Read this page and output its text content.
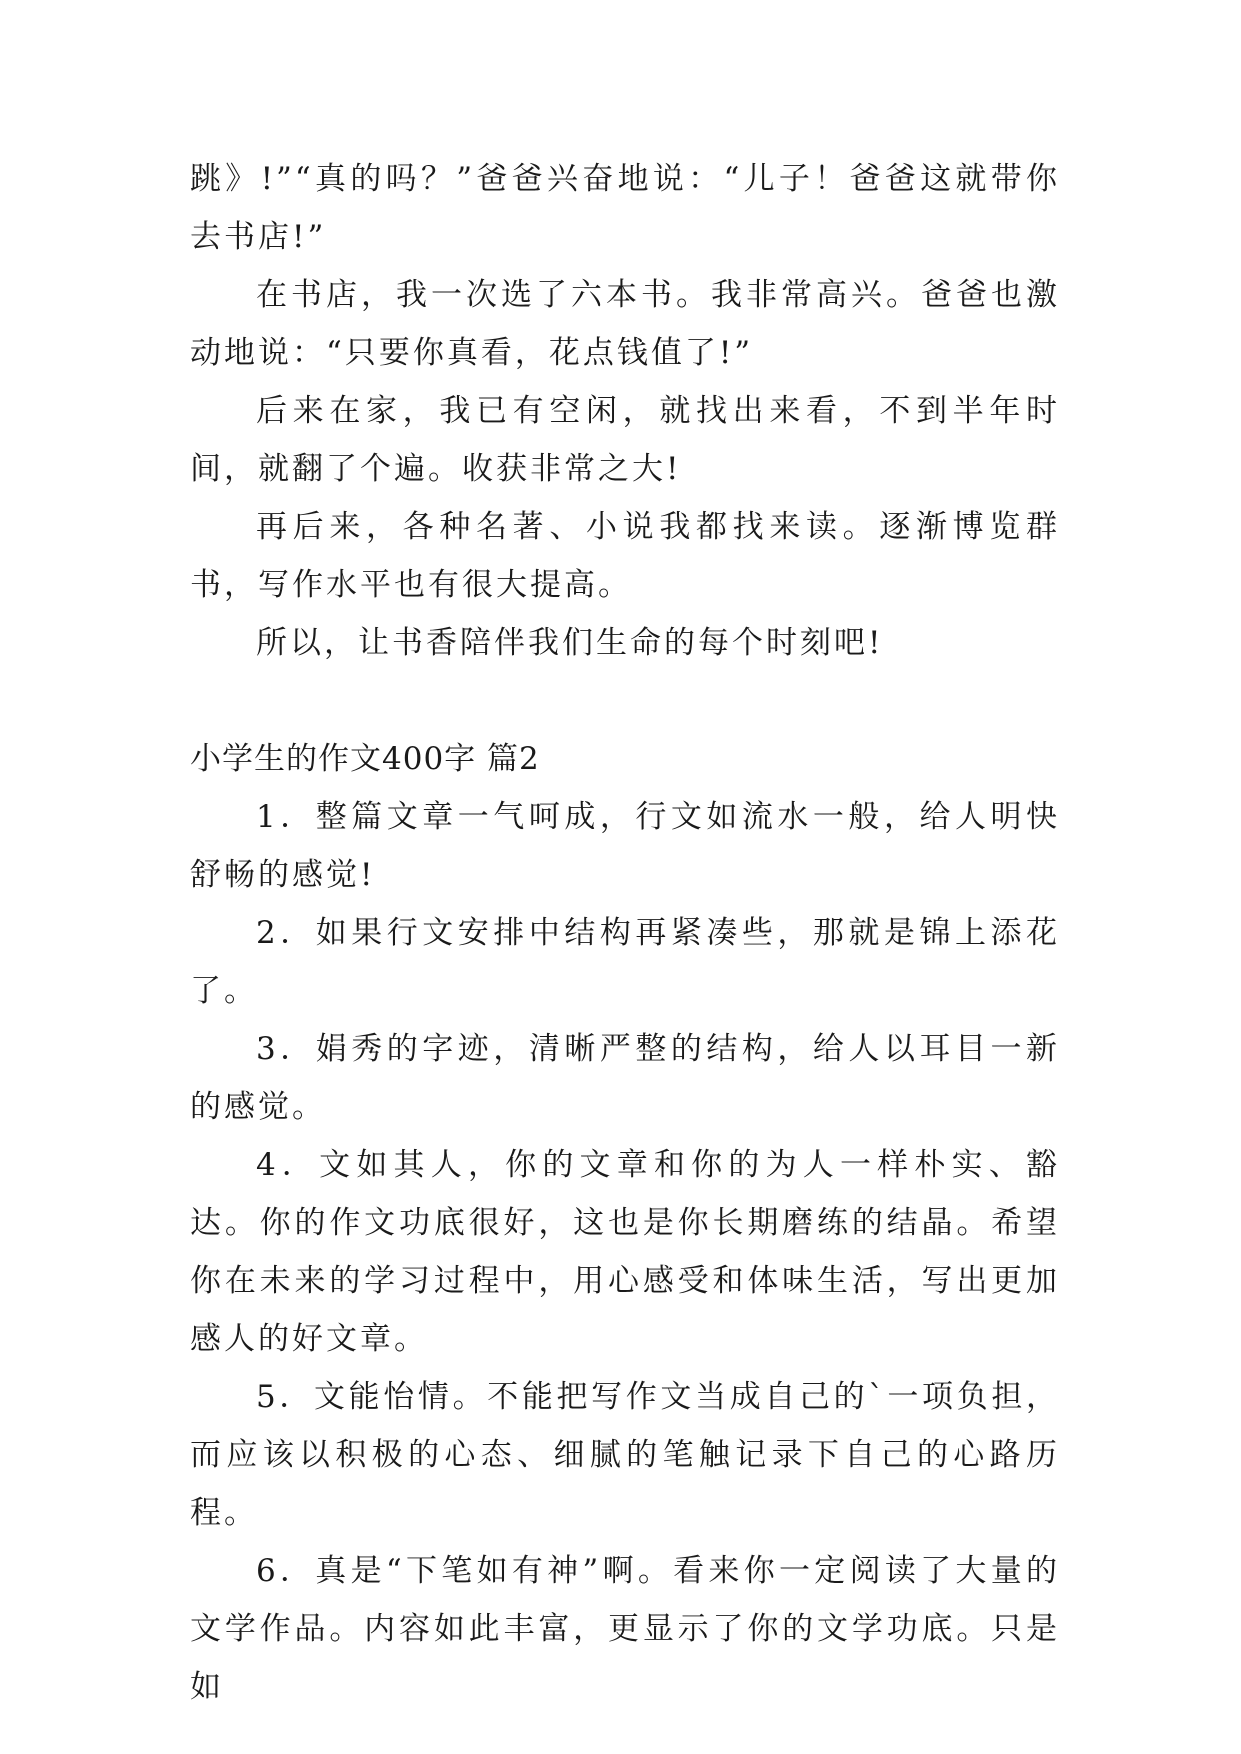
跳》!”“真的吗？”爸爸兴奋地说：“儿子！爸爸这就带你去书店!”

在书店，我一次选了六本书。我非常高兴。爸爸也激动地说：“只要你真看，花点钱值了!”

后来在家，我已有空闲，就找出来看，不到半年时间，就翻了个遍。收获非常之大!

再后来，各种名著、小说我都找来读。逐渐博览群书，写作水平也有很大提高。

所以，让书香陪伴我们生命的每个时刻吧!

小学生的作文400字 篇2

1．整篇文章一气呵成，行文如流水一般，给人明快舒畅的感觉!

2．如果行文安排中结构再紧凑些，那就是锦上添花了。

3．娟秀的字迹，清晰严整的结构，给人以耳目一新的感觉。

4．文如其人，你的文章和你的为人一样朴实、豁达。你的作文功底很好，这也是你长期磨练的结晶。希望你在未来的学习过程中，用心感受和体味生活，写出更加感人的好文章。

5．文能怡情。不能把写作文当成自己的`一项负担，而应该以积极的心态、细腻的笔触记录下自己的心路历程。

6．真是“下笔如有神”啊。看来你一定阅读了大量的文学作品。内容如此丰富，更显示了你的文学功底。只是如
